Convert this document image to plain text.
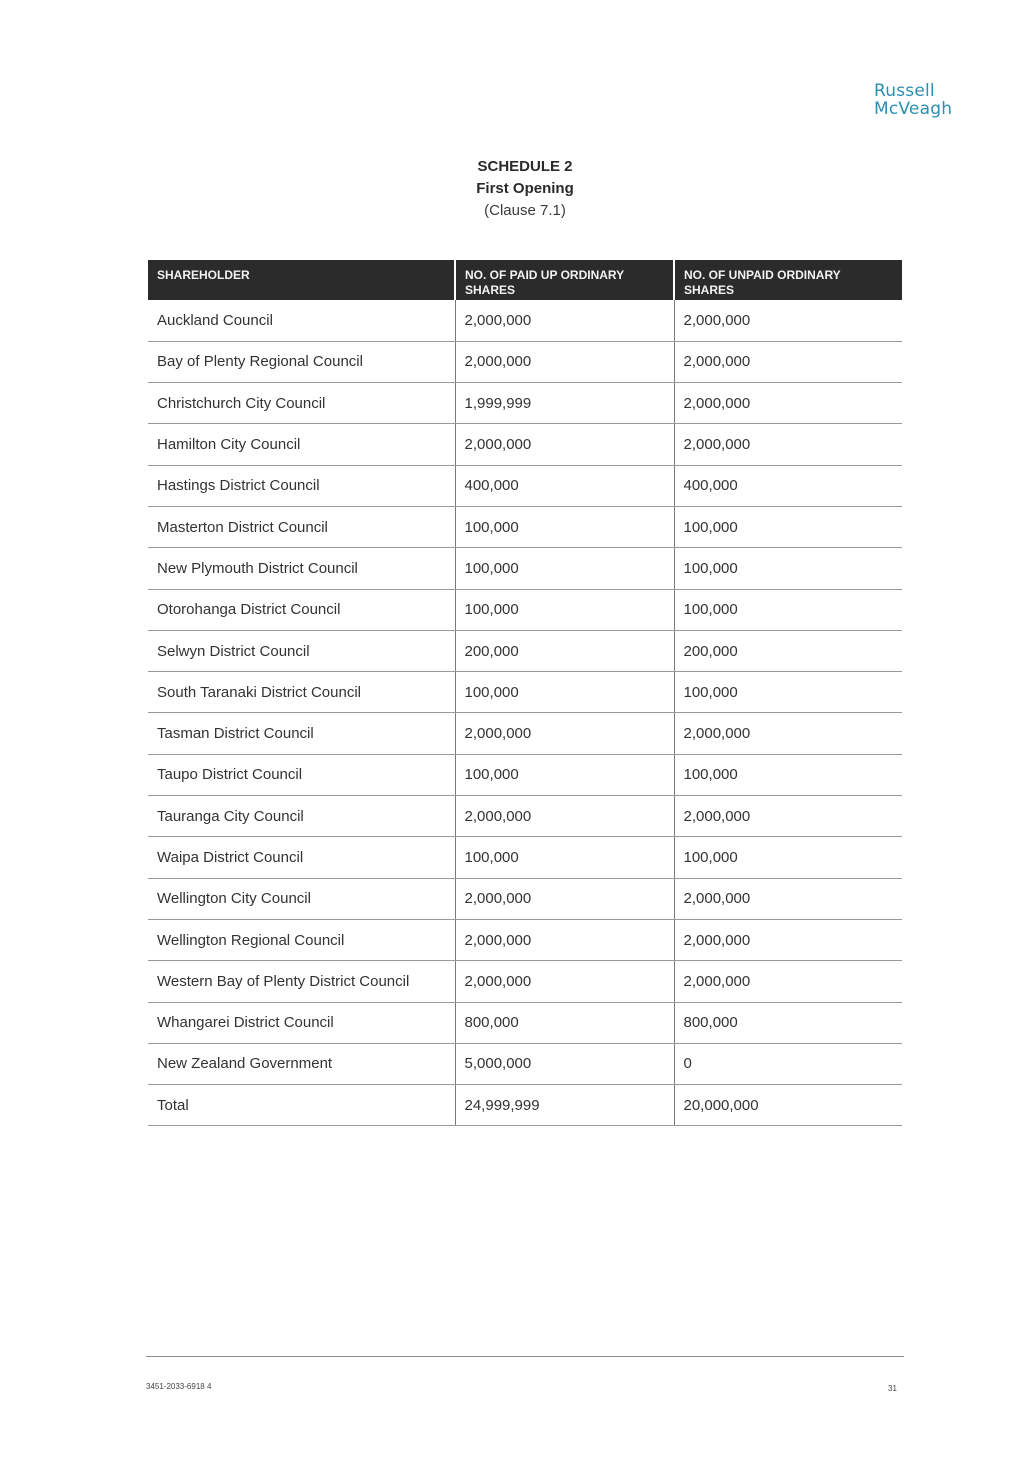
Russell
McVeagh
SCHEDULE 2
First Opening
(Clause 7.1)
SHAREHOLDER	NO. OF PAID UP ORDINARY SHARES	NO. OF UNPAID ORDINARY SHARES
Auckland Council	2,000,000	2,000,000
Bay of Plenty Regional Council	2,000,000	2,000,000
Christchurch City Council	1,999,999	2,000,000
Hamilton City Council	2,000,000	2,000,000
Hastings District Council	400,000	400,000
Masterton District Council	100,000	100,000
New Plymouth District Council	100,000	100,000
Otorohanga District Council	100,000	100,000
Selwyn District Council	200,000	200,000
South Taranaki District Council	100,000	100,000
Tasman District Council	2,000,000	2,000,000
Taupo District Council	100,000	100,000
Tauranga City Council	2,000,000	2,000,000
Waipa District Council	100,000	100,000
Wellington City Council	2,000,000	2,000,000
Wellington Regional Council	2,000,000	2,000,000
Western Bay of Plenty District Council	2,000,000	2,000,000
Whangarei District Council	800,000	800,000
New Zealand Government	5,000,000	0
Total	24,999,999	20,000,000
3451-2033-6918 4	31
